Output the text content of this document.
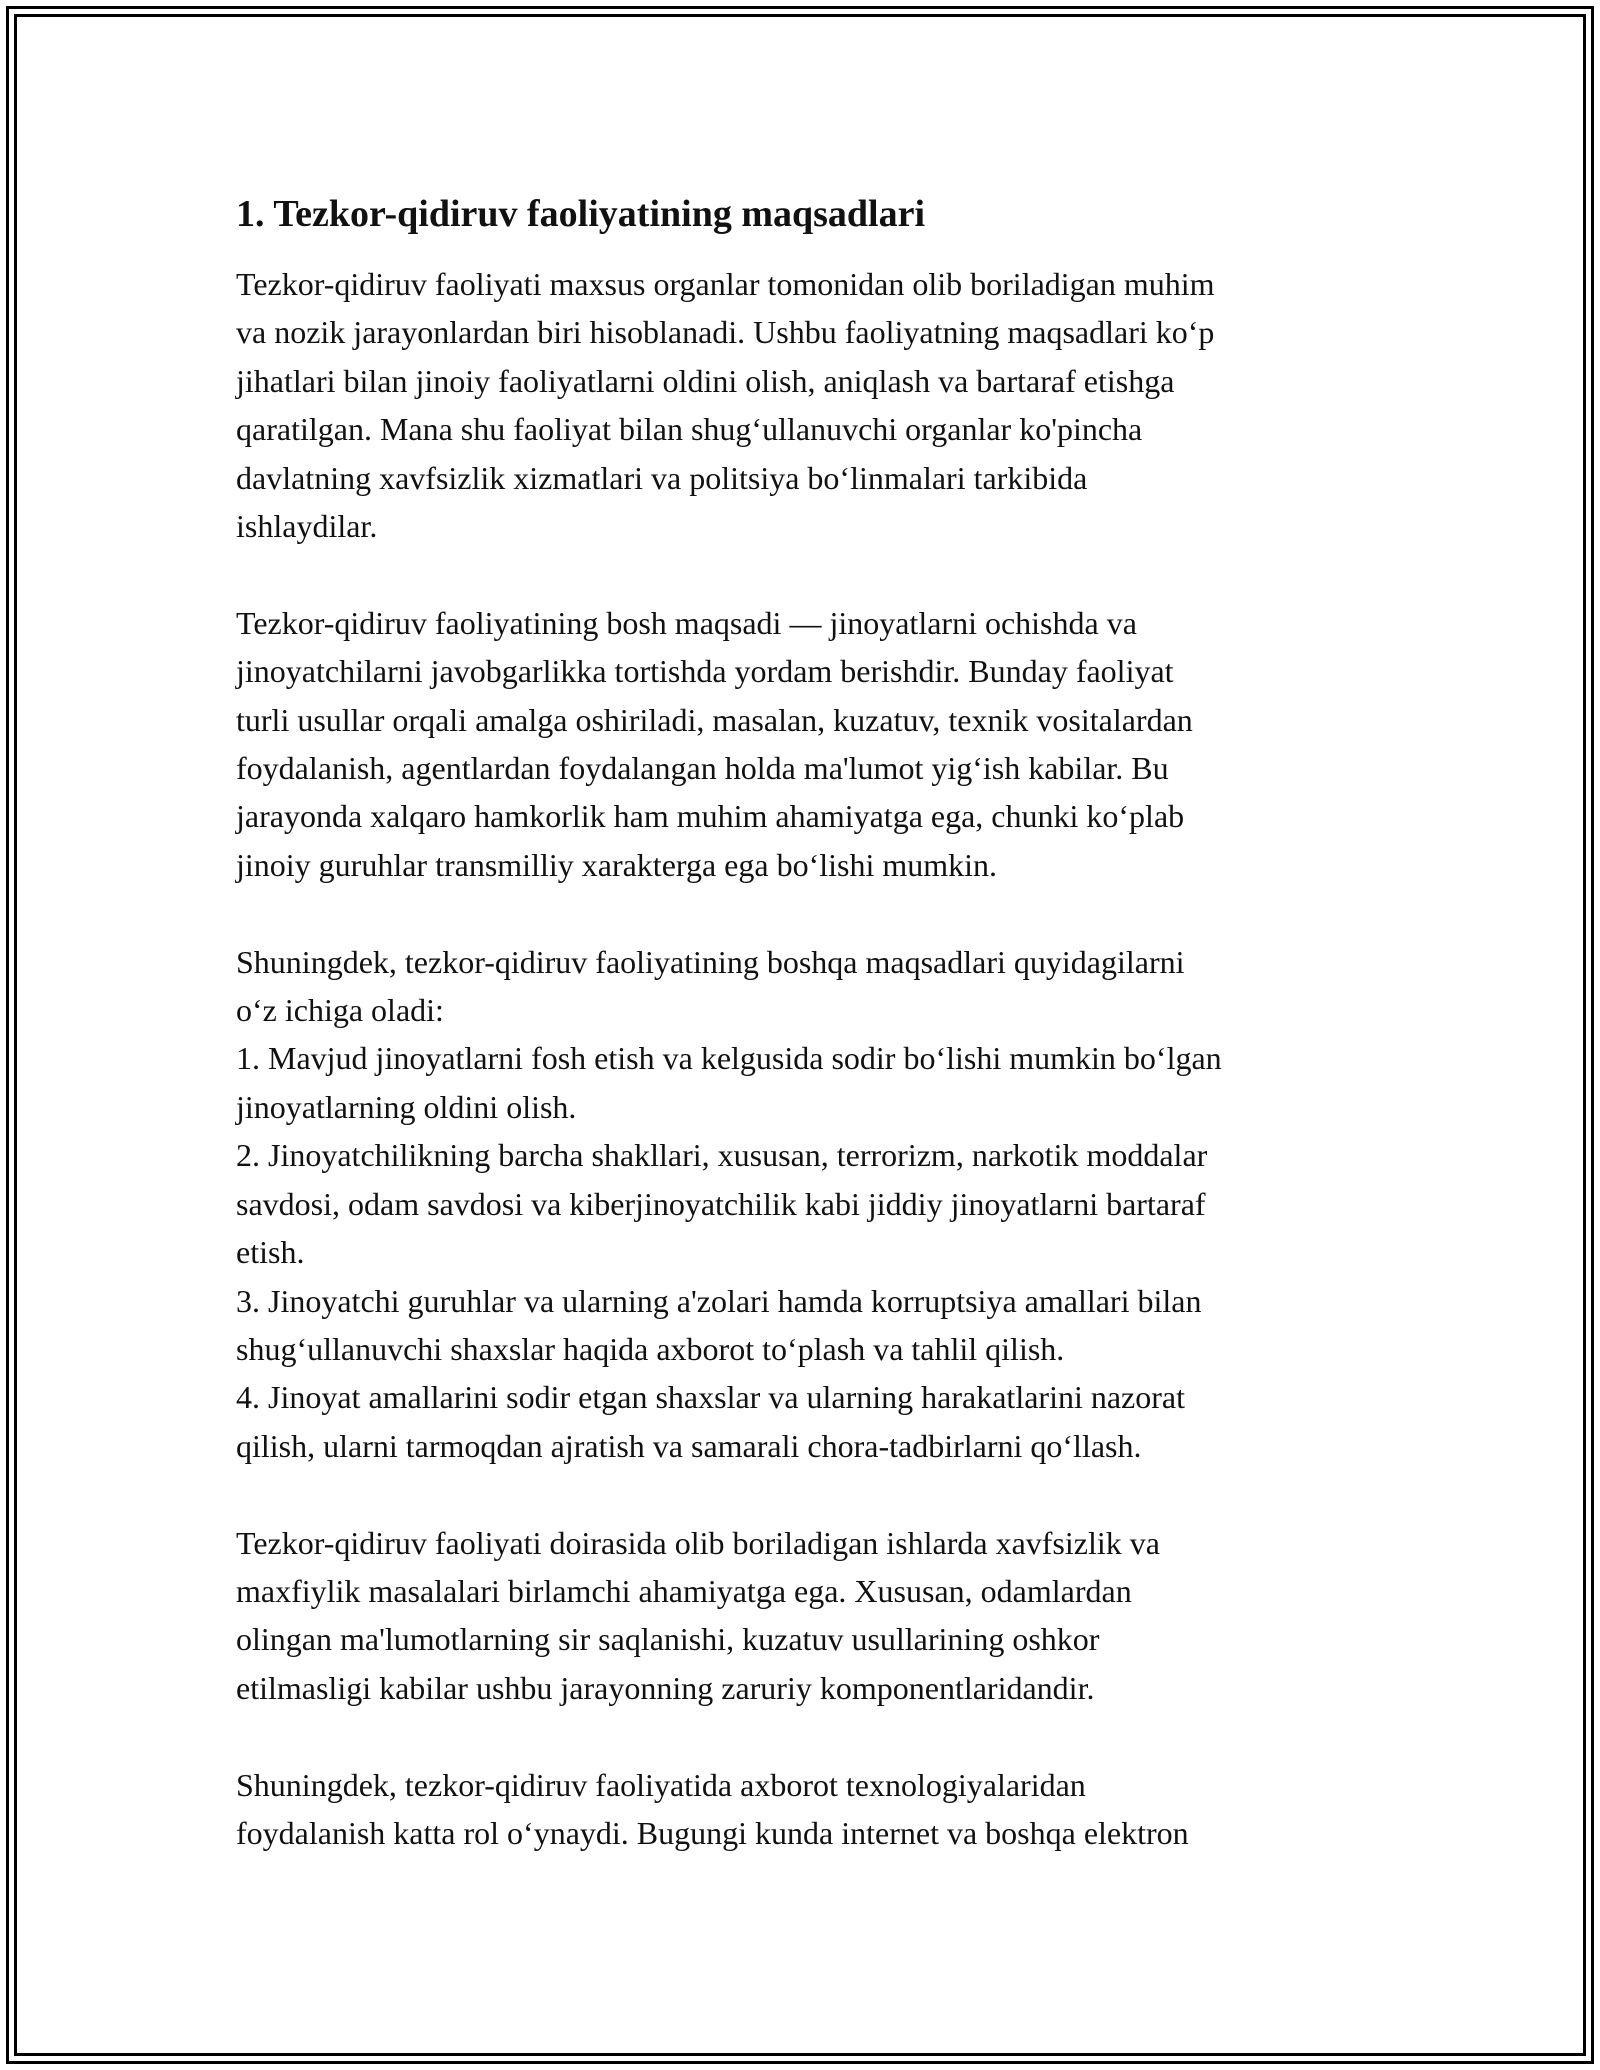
1. Tezkor-qidiruv faoliyatining maqsadlari

Tezkor-qidiruv faoliyati maxsus organlar tomonidan olib boriladigan muhim
va nozik jarayonlardan biri hisoblanadi. Ushbu faoliyatning maqsadlari ko‘p
jihatlari bilan jinoiy faoliyatlarni oldini olish, aniqlash va bartaraf etishga
qaratilgan. Mana shu faoliyat bilan shug‘ullanuvchi organlar ko'pincha
davlatning xavfsizlik xizmatlari va politsiya bo‘linmalari tarkibida
ishlaydilar.

Tezkor-qidiruv faoliyatining bosh maqsadi — jinoyatlarni ochishda va
jinoyatchilarni javobgarlikka tortishda yordam berishdir. Bunday faoliyat
turli usullar orqali amalga oshiriladi, masalan, kuzatuv, texnik vositalardan
foydalanish, agentlardan foydalangan holda ma'lumot yig‘ish kabilar. Bu
jarayonda xalqaro hamkorlik ham muhim ahamiyatga ega, chunki ko‘plab
jinoiy guruhlar transmilliy xarakterga ega bo‘lishi mumkin.

Shuningdek, tezkor-qidiruv faoliyatining boshqa maqsadlari quyidagilarni
o‘z ichiga oladi:
1. Mavjud jinoyatlarni fosh etish va kelgusida sodir bo‘lishi mumkin bo‘lgan
jinoyatlarning oldini olish.
2. Jinoyatchilikning barcha shakllari, xususan, terrorizm, narkotik moddalar
savdosi, odam savdosi va kiberjinoyatchilik kabi jiddiy jinoyatlarni bartaraf
etish.
3. Jinoyatchi guruhlar va ularning a'zolari hamda korruptsiya amallari bilan
shug‘ullanuvchi shaxslar haqida axborot to‘plash va tahlil qilish.
4. Jinoyat amallarini sodir etgan shaxslar va ularning harakatlarini nazorat
qilish, ularni tarmoqdan ajratish va samarali chora-tadbirlarni qo‘llash.

Tezkor-qidiruv faoliyati doirasida olib boriladigan ishlarda xavfsizlik va
maxfiylik masalalari birlamchi ahamiyatga ega. Xususan, odamlardan
olingan ma'lumotlarning sir saqlanishi, kuzatuv usullarining oshkor
etilmasligi kabilar ushbu jarayonning zaruriy komponentlaridandir.

Shuningdek, tezkor-qidiruv faoliyatida axborot texnologiyalaridan
foydalanish katta rol o‘ynaydi. Bugungi kunda internet va boshqa elektron
